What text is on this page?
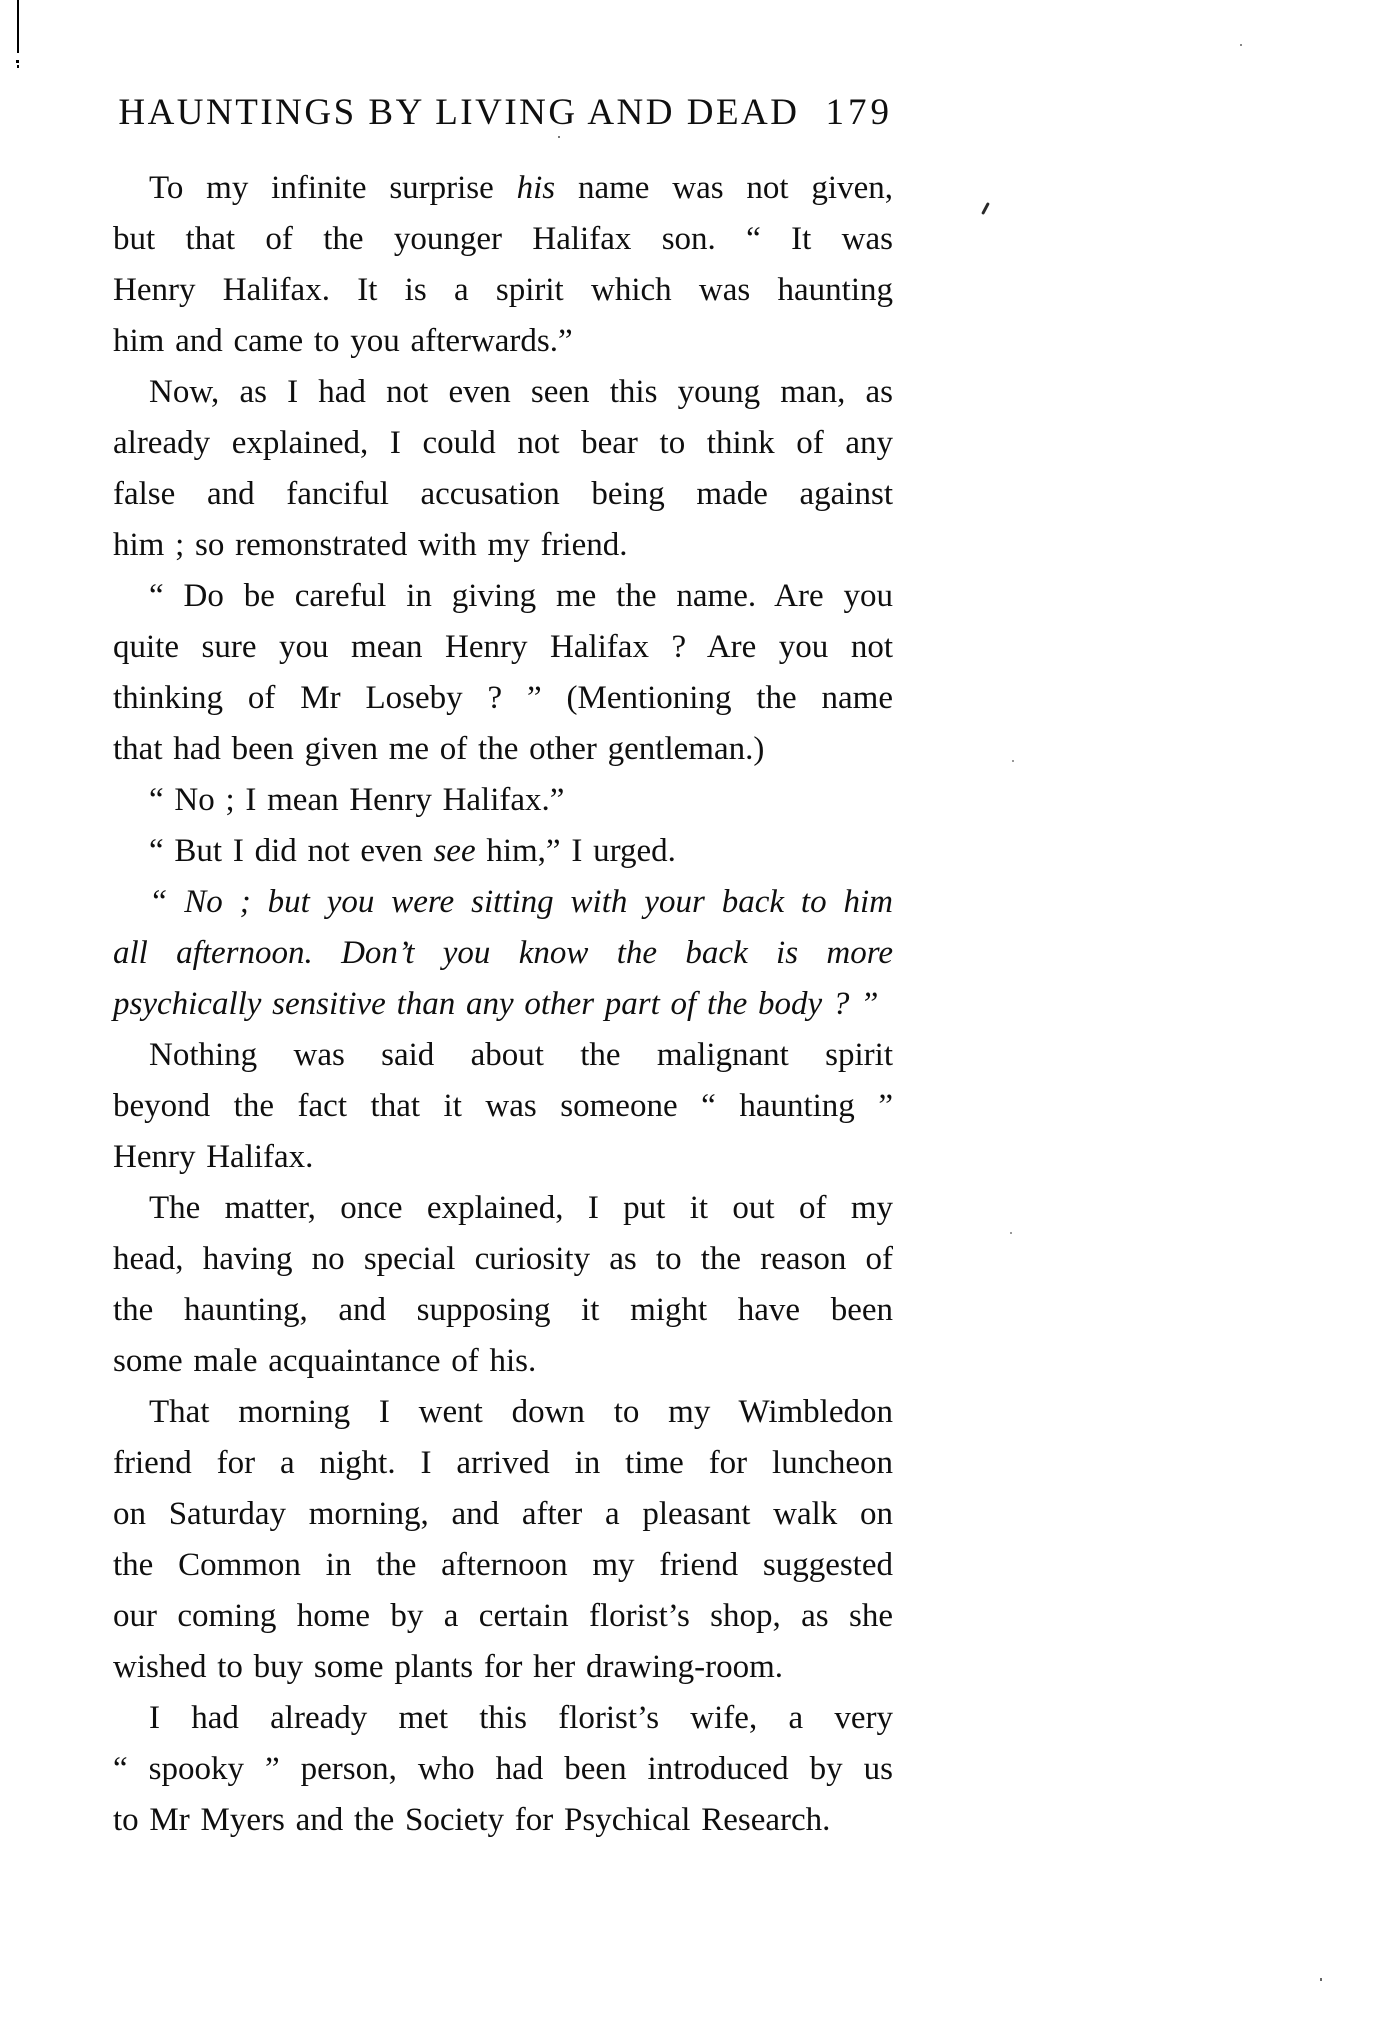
HAUNTINGS BY LIVING AND DEAD 179
To my infinite surprise his name was not given,
but that of the younger Halifax son. “ It was
Henry Halifax. It is a spirit which was haunting
him and came to you afterwards.”
Now, as I had not even seen this young man, as
already explained, I could not bear to think of any
false and fanciful accusation being made against
him ; so remonstrated with my friend.
“ Do be careful in giving me the name. Are you
quite sure you mean Henry Halifax ? Are you not
thinking of Mr Loseby ? ” (Mentioning the name
that had been given me of the other gentleman.)
“ No ; I mean Henry Halifax.”
“ But I did not even see him,” I urged.
“ No ; but you were sitting with your back to him
all afternoon. Don’t you know the back is more
psychically sensitive than any other part of the body ? ”
Nothing was said about the malignant spirit
beyond the fact that it was someone “ haunting ”
Henry Halifax.
The matter, once explained, I put it out of my
head, having no special curiosity as to the reason of
the haunting, and supposing it might have been
some male acquaintance of his.
That morning I went down to my Wimbledon
friend for a night. I arrived in time for luncheon
on Saturday morning, and after a pleasant walk on
the Common in the afternoon my friend suggested
our coming home by a certain florist’s shop, as she
wished to buy some plants for her drawing-room.
I had already met this florist’s wife, a very
“ spooky ” person, who had been introduced by us
to Mr Myers and the Society for Psychical Research.
